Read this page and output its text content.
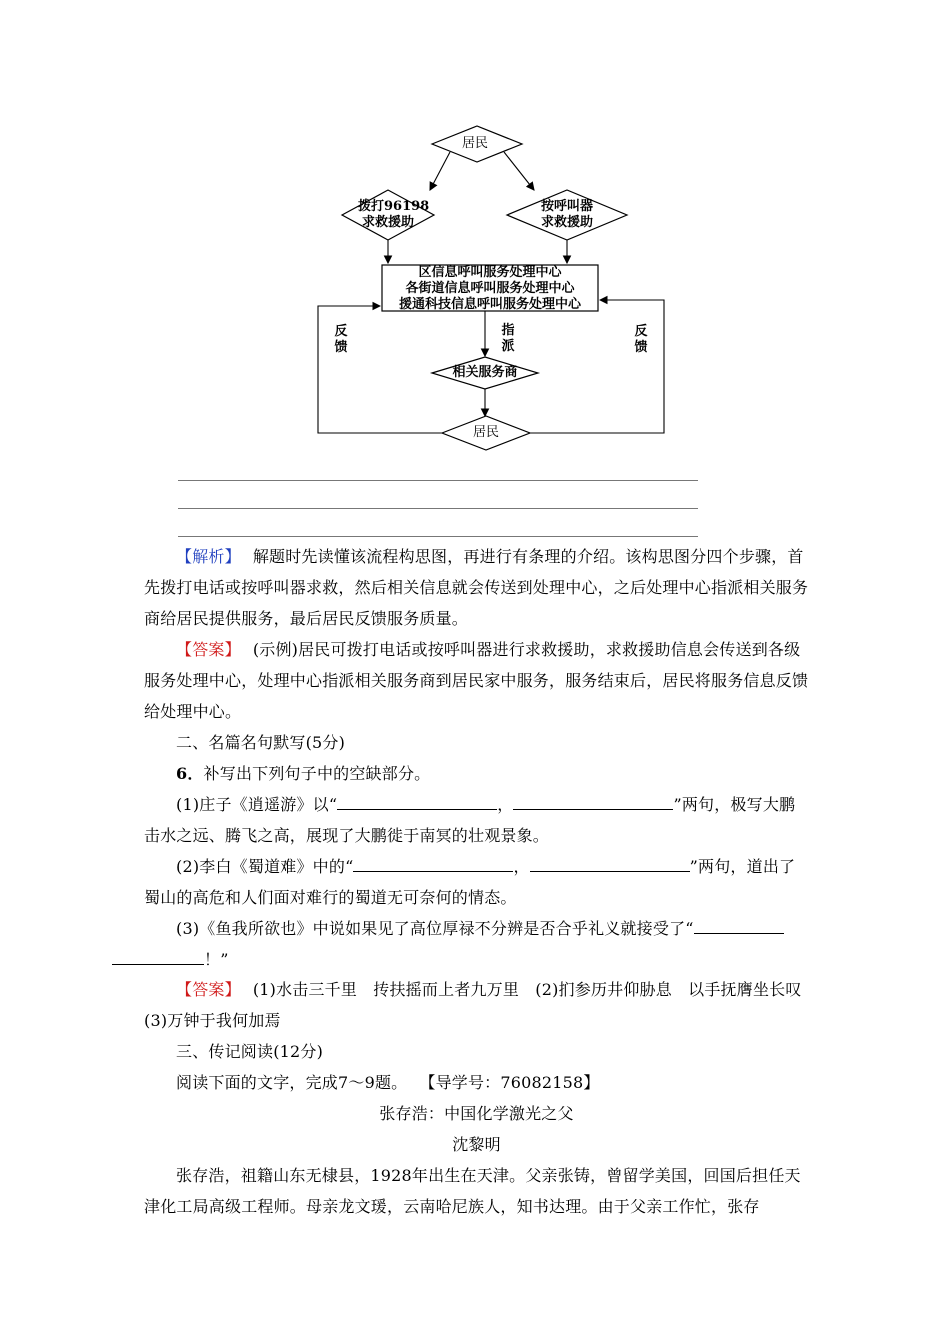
居民
拨打96198
求救援助
按呼叫器
求救援助
区信息呼叫服务处理中心
各街道信息呼叫服务处理中心
援通科技信息呼叫服务处理中心
反馈
反馈
指派
相关服务商
居民
【解析】 解题时先读懂该流程构思图，再进行有条理的介绍。该构思图分四个步骤，首先拨打电话或按呼叫器求救，然后相关信息就会传送到处理中心，之后处理中心指派相关服务商给居民提供服务，最后居民反馈服务质量。
【答案】 (示例)居民可拨打电话或按呼叫器进行求救援助，求救援助信息会传送到各级服务处理中心，处理中心指派相关服务商到居民家中服务，服务结束后，居民将服务信息反馈给处理中心。
二、名篇名句默写(5分)
6．补写出下列句子中的空缺部分。
(1)庄子《逍遥游》以“	，	”两句，极写大鹏击水之远、腾飞之高，展现了大鹏徙于南冥的壮观景象。
(2)李白《蜀道难》中的“	，	”两句，道出了蜀山的高危和人们面对难行的蜀道无可奈何的情态。
(3)《鱼我所欲也》中说如果见了高位厚禄不分辨是否合乎礼义就接受了“！”
【答案】 (1)水击三千里　抟扶摇而上者九万里　(2)扪参历井仰胁息　以手抚膺坐长叹　(3)万钟于我何加焉
三、传记阅读(12分)
阅读下面的文字，完成7～9题。 【导学号：76082158】
张存浩：中国化学激光之父
沈黎明
张存浩，祖籍山东无棣县，1928年出生在天津。父亲张铸，曾留学美国，回国后担任天津化工局高级工程师。母亲龙文瑗，云南哈尼族人，知书达理。由于父亲工作忙，张存
